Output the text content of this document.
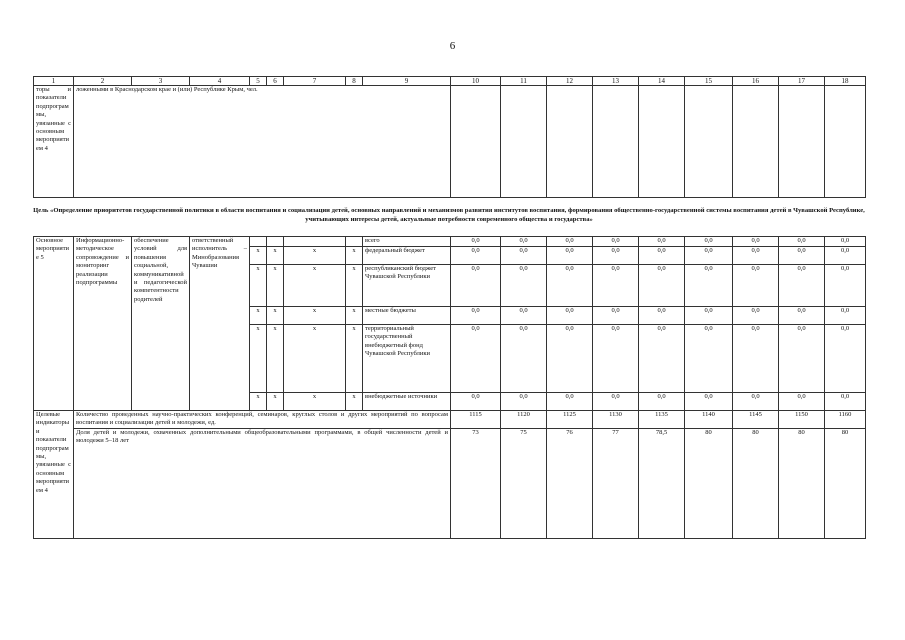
6
1	2	3	4	5	6	7	8	9	10	11	12	13	14	15	16	17	18
торы и показатели подпрограммы, увязанные с основным мероприятием 4	ложенными в Краснодарском крае и (или) Республике Крым, чел.																
Цель «Определение приоритетов государственной политики в области воспитания и социализации детей, основных направлений и механизмов развития институтов воспитания, формирования общественно-государственной системы воспитания детей в Чувашской Республике, учитывающих интересы детей, актуальные потребности современного общества и государства»
Основное мероприятие 5	Информационно-методическое сопровождение и мониторинг реализации подпрограммы	обеспечение условий для повышения социальной, коммуникативной и педагогической компетентности родителей	ответственный исполнитель – Минобразования Чувашии					всего	0,0	0,0	0,0	0,0	0,0	0,0	0,0	0,0	0,0
				x	x	x	x	федеральный бюджет	0,0	0,0	0,0	0,0	0,0	0,0	0,0	0,0	0,0
				x	x	x	x	республиканский бюджет Чувашской Республики	0,0	0,0	0,0	0,0	0,0	0,0	0,0	0,0	0,0
				x	x	x	x	местные бюджеты	0,0	0,0	0,0	0,0	0,0	0,0	0,0	0,0	0,0
				x	x	x	x	территориальный государственный внебюджетный фонд Чувашской Республики	0,0	0,0	0,0	0,0	0,0	0,0	0,0	0,0	0,0
				x	x	x	x	внебюджетные источники	0,0	0,0	0,0	0,0	0,0	0,0	0,0	0,0	0,0
Целевые индикаторы и показатели подпрограммы, увязанные с основным мероприятием 4	Количество проведенных научно-практических конференций, семинаров, круглых столов и других мероприятий по вопросам воспитания и социализации детей и молодежи, ед.								1115	1120	1125	1130	1135	1140	1145	1150	1160
	Доля детей и молодежи, охваченных дополнительными общеобразовательными программами, в общей численности детей и молодежи 5–18 лет								73	75	76	77	78,5	80	80	80	80
